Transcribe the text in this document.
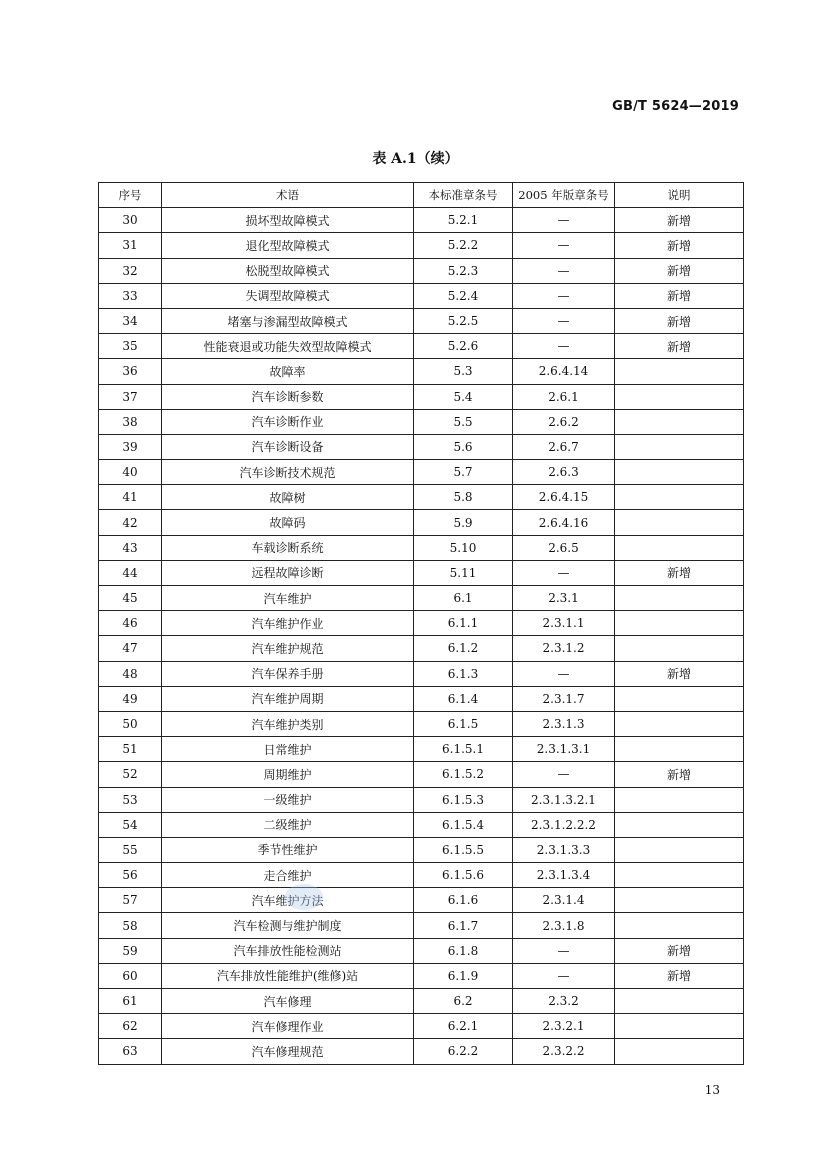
GB/T 5624—2019
表 A.1（续）
序号	术语	本标准章条号	2005 年版章条号	说明
30	损坏型故障模式	5.2.1	—	新增
31	退化型故障模式	5.2.2	—	新增
32	松脱型故障模式	5.2.3	—	新增
33	失调型故障模式	5.2.4	—	新增
34	堵塞与渗漏型故障模式	5.2.5	—	新增
35	性能衰退或功能失效型故障模式	5.2.6	—	新增
36	故障率	5.3	2.6.4.14	
37	汽车诊断参数	5.4	2.6.1	
38	汽车诊断作业	5.5	2.6.2	
39	汽车诊断设备	5.6	2.6.7	
40	汽车诊断技术规范	5.7	2.6.3	
41	故障树	5.8	2.6.4.15	
42	故障码	5.9	2.6.4.16	
43	车载诊断系统	5.10	2.6.5	
44	远程故障诊断	5.11	—	新增
45	汽车维护	6.1	2.3.1	
46	汽车维护作业	6.1.1	2.3.1.1	
47	汽车维护规范	6.1.2	2.3.1.2	
48	汽车保养手册	6.1.3	—	新增
49	汽车维护周期	6.1.4	2.3.1.7	
50	汽车维护类别	6.1.5	2.3.1.3	
51	日常维护	6.1.5.1	2.3.1.3.1	
52	周期维护	6.1.5.2	—	新增
53	一级维护	6.1.5.3	2.3.1.3.2.1	
54	二级维护	6.1.5.4	2.3.1.2.2.2	
55	季节性维护	6.1.5.5	2.3.1.3.3	
56	走合维护	6.1.5.6	2.3.1.3.4	
57	汽车维护方法	6.1.6	2.3.1.4	
58	汽车检测与维护制度	6.1.7	2.3.1.8	
59	汽车排放性能检测站	6.1.8	—	新增
60	汽车排放性能维护(维修)站	6.1.9	—	新增
61	汽车修理	6.2	2.3.2	
62	汽车修理作业	6.2.1	2.3.2.1	
63	汽车修理规范	6.2.2	2.3.2.2	
13
